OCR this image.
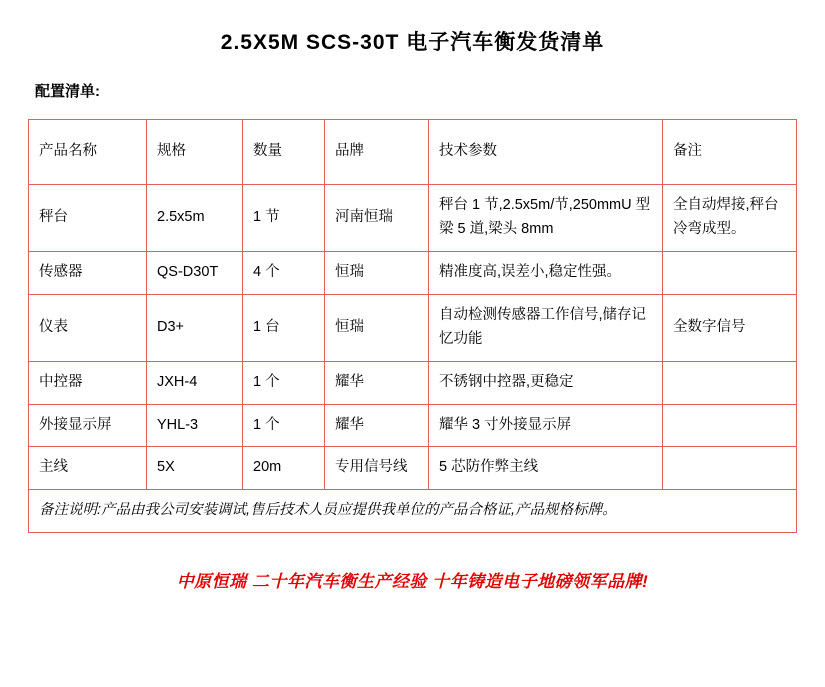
2.5X5M SCS-30T 电子汽车衡发货清单
配置清单:
产品名称	规格	数量	品牌	技术参数	备注
秤台	2.5x5m	1 节	河南恒瑞	秤台 1 节,2.5x5m/节,250mmU 型梁 5 道,梁头 8mm	全自动焊接,秤台冷弯成型。
传感器	QS-D30T	4 个	恒瑞	精准度高,误差小,稳定性强。	
仪表	D3+	1 台	恒瑞	自动检测传感器工作信号,储存记忆功能	全数字信号
中控器	JXH-4	1 个	耀华	不锈钢中控器,更稳定	
外接显示屏	YHL-3	1 个	耀华	耀华 3 寸外接显示屏	
主线	5X	20m	专用信号线	5 芯防作弊主线	
备注说明:产品由我公司安装调试,售后技术人员应提供我单位的产品合格证,产品规格标牌。					
中原恒瑞 二十年汽车衡生产经验 十年铸造电子地磅领军品牌!
